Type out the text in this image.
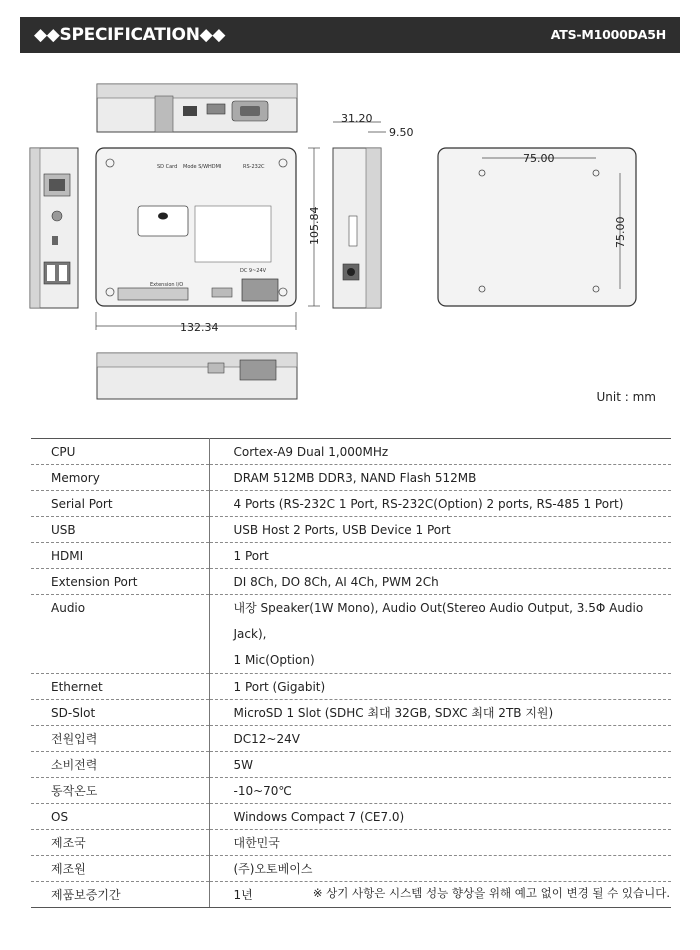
◆◆SPECIFICATION◆◆	ATS-M1000DA5H
SD Card Mode S/W HDMI	RS-232C
Extension I/O
DC 9~24V
132.34
105.84
31.20
9.50
75.00
75.00
Unit : mm
CPU	Cortex-A9 Dual 1,000MHz
Memory	DRAM 512MB DDR3, NAND Flash 512MB
Serial Port	4 Ports (RS-232C 1 Port, RS-232C(Option) 2 ports, RS-485 1 Port)
USB	USB Host 2 Ports, USB Device 1 Port
HDMI	1 Port
Extension Port	DI 8Ch, DO 8Ch, AI 4Ch, PWM 2Ch
Audio	내장 Speaker(1W Mono), Audio Out(Stereo Audio Output, 3.5Φ Audio Jack),
1 Mic(Option)

Ethernet	1 Port (Gigabit)
SD-Slot	MicroSD 1 Slot (SDHC 최대 32GB, SDXC 최대 2TB 지원)
전원입력	DC12~24V
소비전력	5W
동작온도	-10~70℃
OS	Windows Compact 7 (CE7.0)
제조국	대한민국
제조원	(주)오토베이스
제품보증기간	1년	※ 상기 사항은 시스템 성능 향상을 위해 예고 없이 변경 될 수 있습니다.
